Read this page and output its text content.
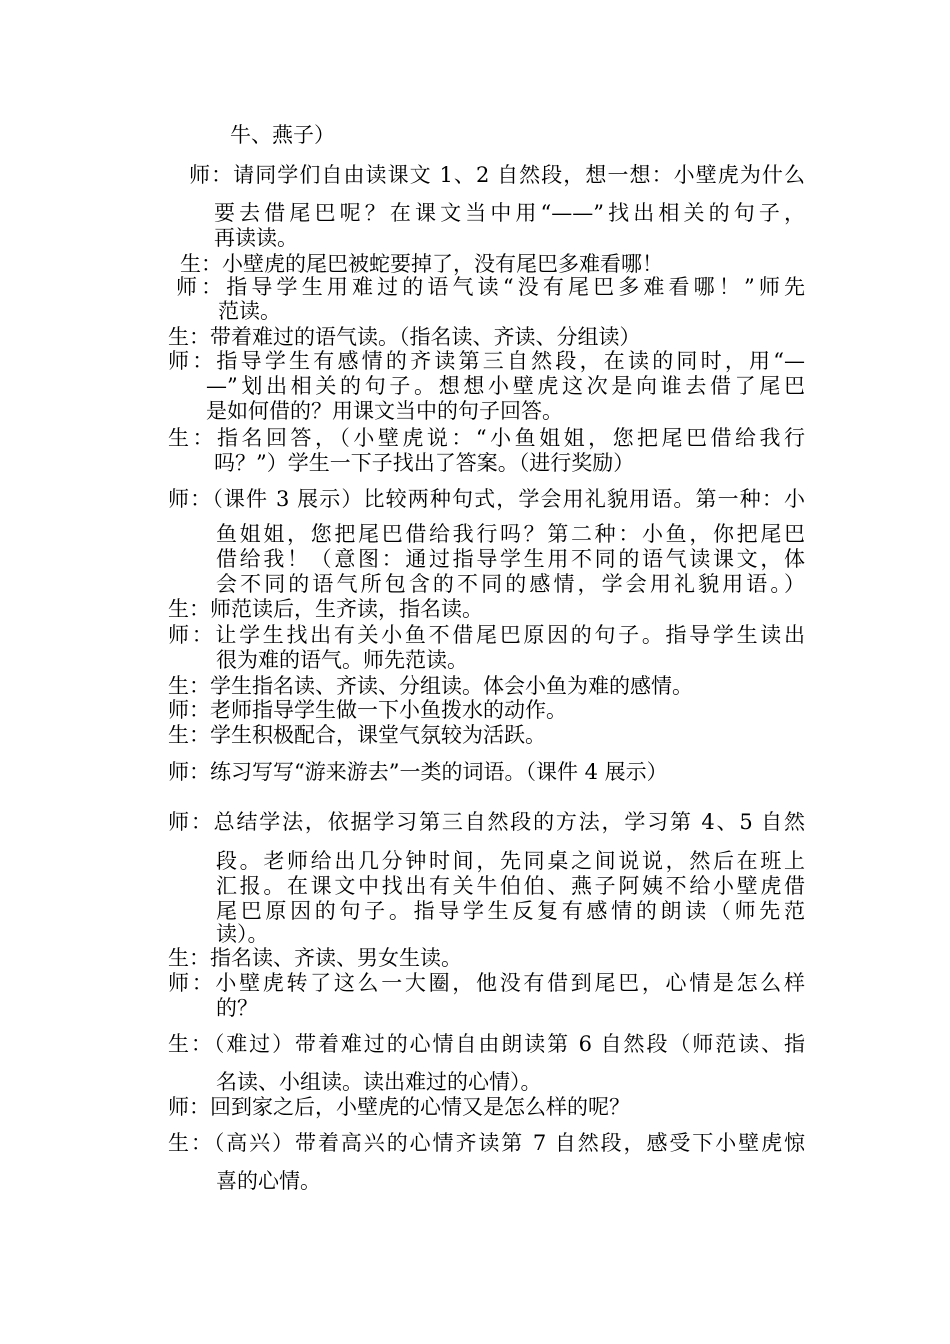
牛、燕子）
师：请同学们自由读课文 1、2 自然段，想一想：小壁虎为什么
要去借尾巴呢？在课文当中用“——”找出相关的句子，
再读读。
生：小壁虎的尾巴被蛇要掉了，没有尾巴多难看哪！
师：指导学生用难过的语气读“没有尾巴多难看哪！”师先
范读。
生：带着难过的语气读。（指名读、齐读、分组读）
师：指导学生有感情的齐读第三自然段，在读的同时，用“—
—”划出相关的句子。想想小壁虎这次是向谁去借了尾巴
是如何借的？用课文当中的句子回答。
生：指名回答，（小壁虎说：“小鱼姐姐，您把尾巴借给我行
吗？”）学生一下子找出了答案。（进行奖励）
师：（课件 3 展示）比较两种句式，学会用礼貌用语。第一种：小
鱼姐姐，您把尾巴借给我行吗？第二种：小鱼，你把尾巴
借给我！（意图：通过指导学生用不同的语气读课文，体
会不同的语气所包含的不同的感情，学会用礼貌用语。）
生：师范读后，生齐读，指名读。
师：让学生找出有关小鱼不借尾巴原因的句子。指导学生读出
很为难的语气。师先范读。
生：学生指名读、齐读、分组读。体会小鱼为难的感情。
师：老师指导学生做一下小鱼拨水的动作。
生：学生积极配合，课堂气氛较为活跃。
师：练习写写“游来游去”一类的词语。（课件 4 展示）
师：总结学法，依据学习第三自然段的方法，学习第 4、5 自然
段。老师给出几分钟时间，先同桌之间说说，然后在班上
汇报。在课文中找出有关牛伯伯、燕子阿姨不给小壁虎借
尾巴原因的句子。指导学生反复有感情的朗读（师先范
读）。
生：指名读、齐读、男女生读。
师：小壁虎转了这么一大圈，他没有借到尾巴，心情是怎么样
的？
生：（难过）带着难过的心情自由朗读第 6 自然段（师范读、指
名读、小组读。读出难过的心情）。
师：回到家之后，小壁虎的心情又是怎么样的呢？
生：（高兴）带着高兴的心情齐读第 7 自然段，感受下小壁虎惊
喜的心情。
